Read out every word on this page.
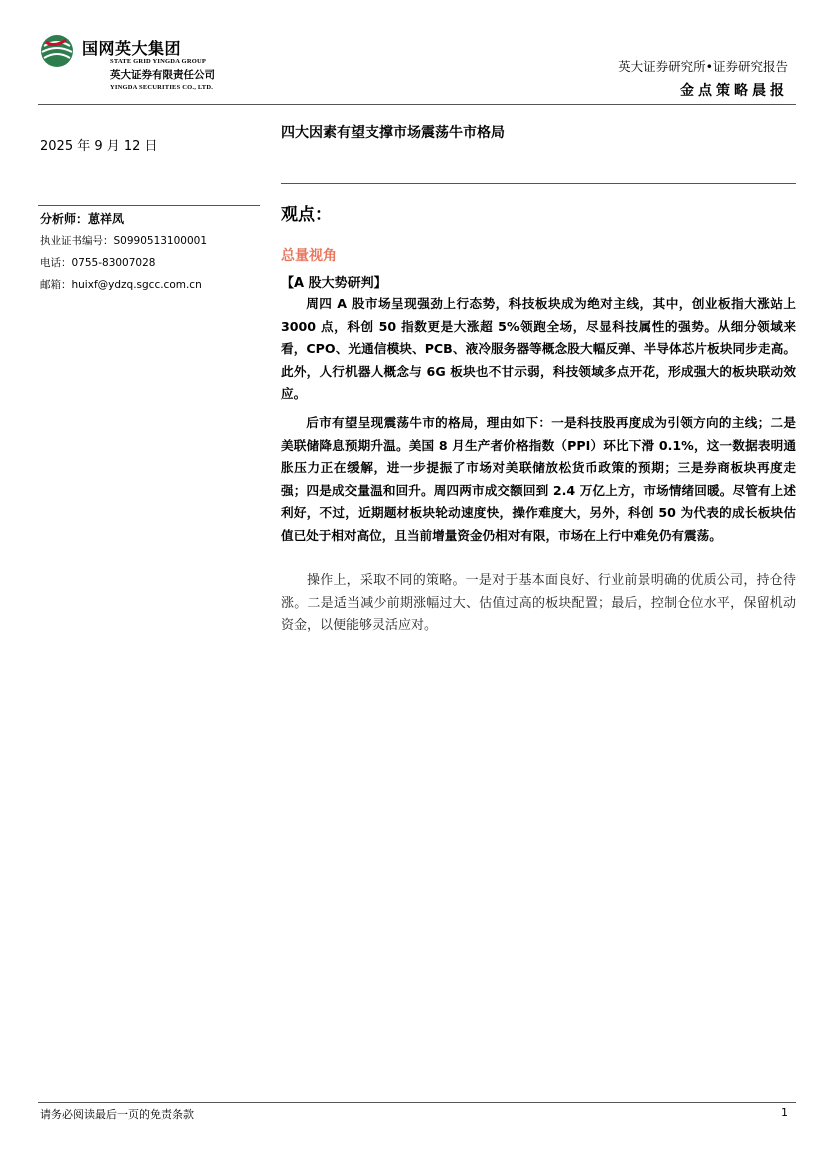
国网英大集团
STATE GRID YINGDA GROUP
英大证券有限责任公司
YINGDA SECURITIES CO., LTD.
英大证券研究所•证券研究报告
金点策略晨报
2025 年 9 月 12 日
分析师：葸祥凤
执业证书编号：S0990513100001
电话：0755-83007028
邮箱：huixf@ydzq.sgcc.com.cn
四大因素有望支撑市场震荡牛市格局
观点：
总量视角
【A 股大势研判】

周四 A 股市场呈现强劲上行态势，科技板块成为绝对主线，其中，创业板指大涨站上 3000 点，科创 50 指数更是大涨超 5%领跑全场，尽显科技属性的强势。从细分领域来看，CPO、光通信模块、PCB、液冷服务器等概念股大幅反弹、半导体芯片板块同步走高。此外，人行机器人概念与 6G 板块也不甘示弱，科技领域多点开花，形成强大的板块联动效应。

后市有望呈现震荡牛市的格局，理由如下：一是科技股再度成为引领方向的主线；二是美联储降息预期升温。美国 8 月生产者价格指数（PPI）环比下滑 0.1%，这一数据表明通胀压力正在缓解，进一步提振了市场对美联储放松货币政策的预期；三是券商板块再度走强；四是成交量温和回升。周四两市成交额回到 2.4 万亿上方，市场情绪回暖。尽管有上述利好，不过，近期题材板块轮动速度快，操作难度大，另外，科创 50 为代表的成长板块估值已处于相对高位，且当前增量资金仍相对有限，市场在上行中难免仍有震荡。

操作上，采取不同的策略。一是对于基本面良好、行业前景明确的优质公司，持仓待涨。二是适当减少前期涨幅过大、估值过高的板块配置；最后，控制仓位水平，保留机动资金，以便能够灵活应对。

请务必阅读最后一页的免责条款	1
